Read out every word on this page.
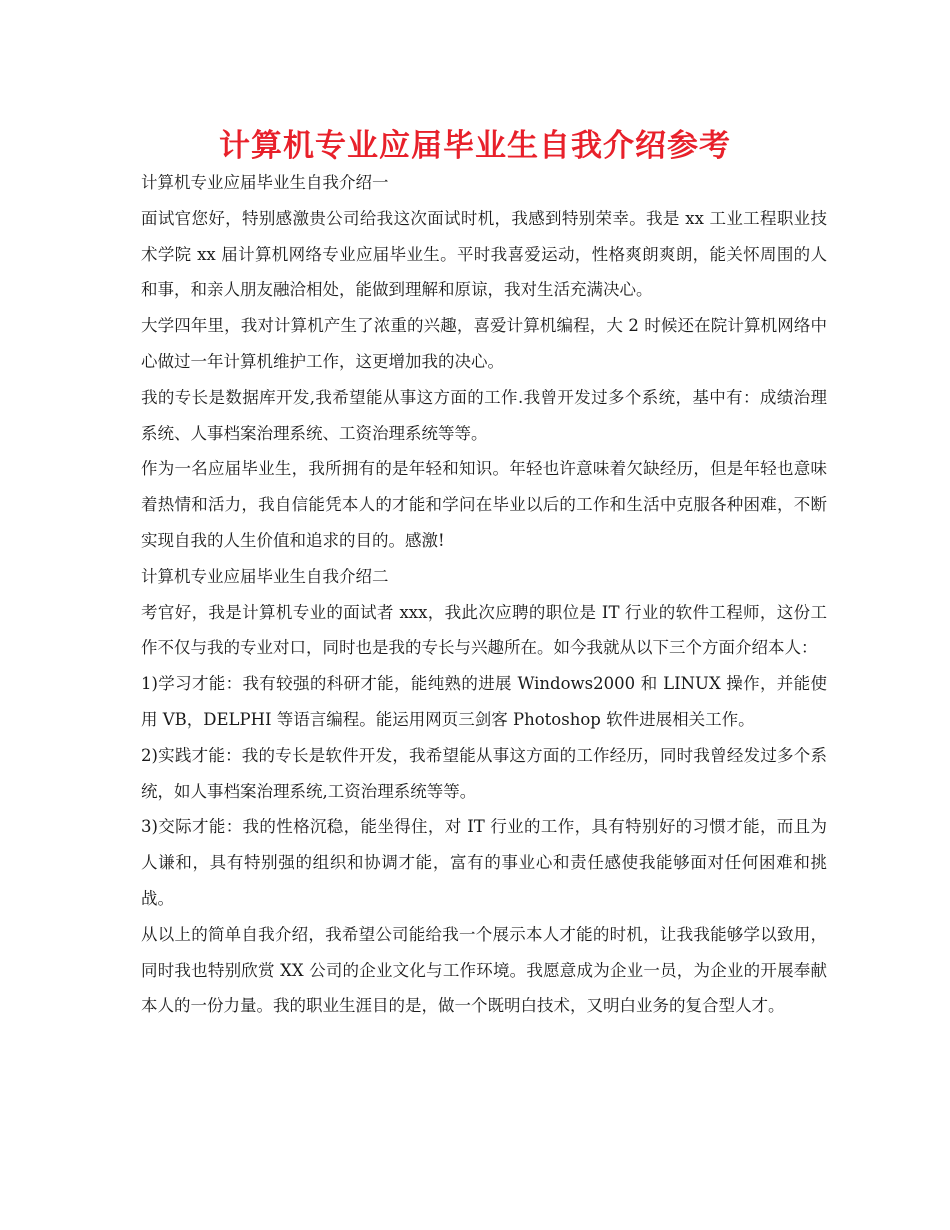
计算机专业应届毕业生自我介绍参考

计算机专业应届毕业生自我介绍一

面试官您好，特别感激贵公司给我这次面试时机，我感到特别荣幸。我是 xx 工业工程职业技术学院 xx 届计算机网络专业应届毕业生。平时我喜爱运动，性格爽朗爽朗，能关怀周围的人和事，和亲人朋友融洽相处，能做到理解和原谅，我对生活充满决心。

大学四年里，我对计算机产生了浓重的兴趣，喜爱计算机编程，大 2 时候还在院计算机网络中心做过一年计算机维护工作，这更增加我的决心。

我的专长是数据库开发,我希望能从事这方面的工作.我曾开发过多个系统，基中有：成绩治理系统、人事档案治理系统、工资治理系统等等。

作为一名应届毕业生，我所拥有的是年轻和知识。年轻也许意味着欠缺经历，但是年轻也意味着热情和活力，我自信能凭本人的才能和学问在毕业以后的工作和生活中克服各种困难，不断实现自我的人生价值和追求的目的。感激!

计算机专业应届毕业生自我介绍二

考官好，我是计算机专业的面试者 xxx，我此次应聘的职位是 IT 行业的软件工程师，这份工作不仅与我的专业对口，同时也是我的专长与兴趣所在。如今我就从以下三个方面介绍本人：

1)学习才能：我有较强的科研才能，能纯熟的进展 Windows2000 和 LINUX 操作，并能使用 VB，DELPHI 等语言编程。能运用网页三剑客 Photoshop 软件进展相关工作。

2)实践才能：我的专长是软件开发，我希望能从事这方面的工作经历，同时我曾经发过多个系统，如人事档案治理系统,工资治理系统等等。

3)交际才能：我的性格沉稳，能坐得住，对 IT 行业的工作，具有特别好的习惯才能，而且为人谦和，具有特别强的组织和协调才能，富有的事业心和责任感使我能够面对任何困难和挑战。

从以上的简单自我介绍，我希望公司能给我一个展示本人才能的时机，让我我能够学以致用，同时我也特别欣赏 XX 公司的企业文化与工作环境。我愿意成为企业一员，为企业的开展奉献本人的一份力量。我的职业生涯目的是，做一个既明白技术，又明白业务的复合型人才。
